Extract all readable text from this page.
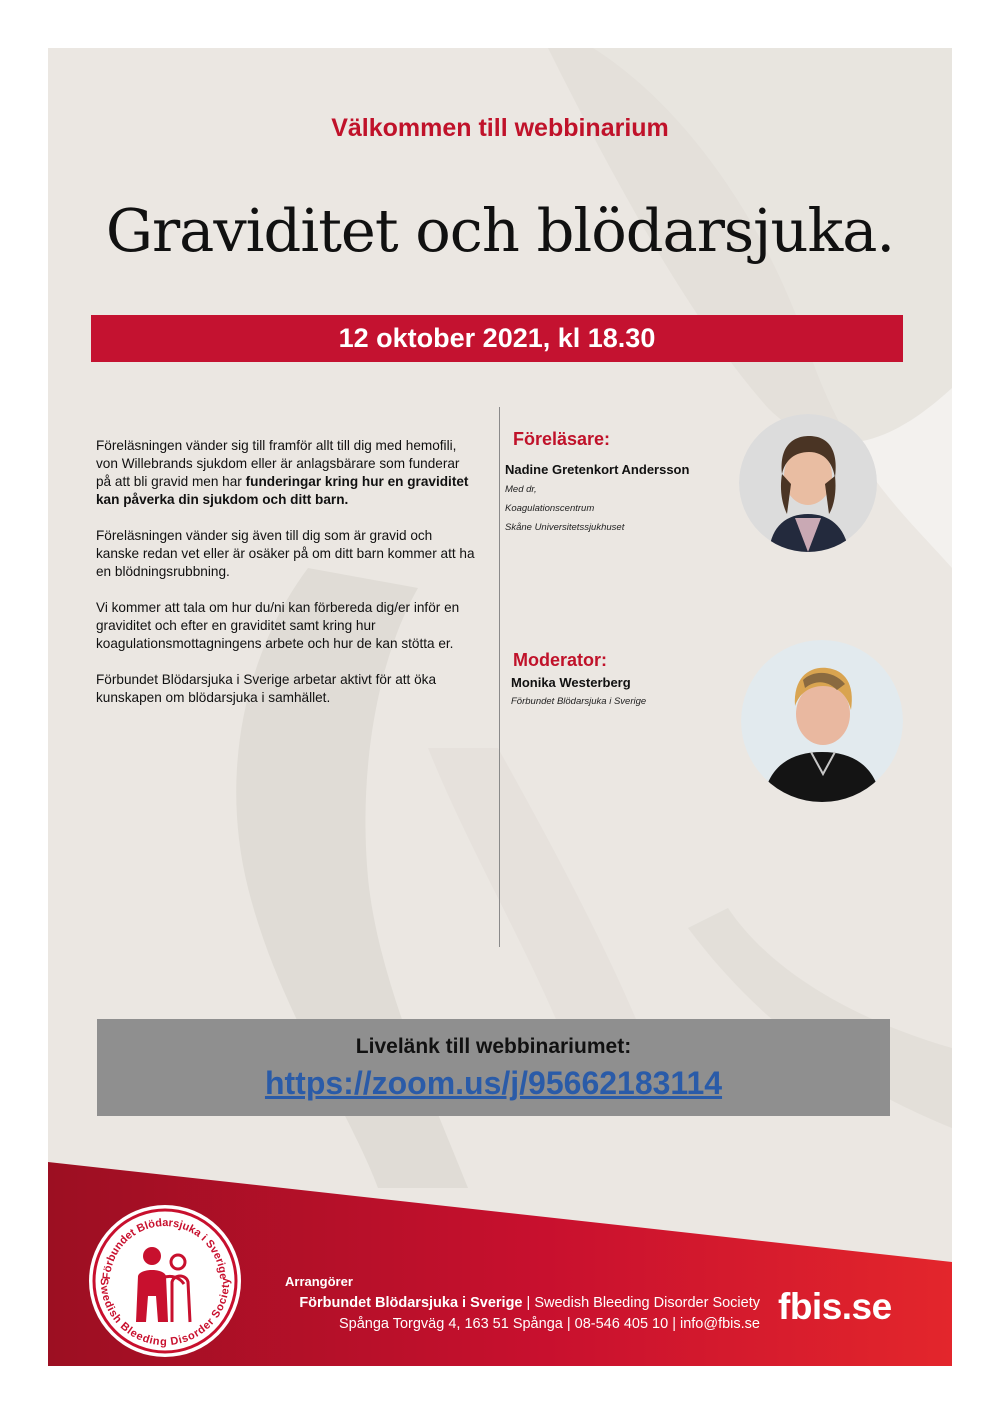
Välkommen till webbinarium
Graviditet och blödarsjuka.
12 oktober 2021, kl 18.30

Föreläsningen vänder sig till framför allt till dig med hemofili, von Willebrands sjukdom eller är anlagsbärare som funderar på att bli gravid men har funderingar kring hur en graviditet kan påverka din sjukdom och ditt barn.

Föreläsningen vänder sig även till dig som är gravid och kanske redan vet eller är osäker på om ditt barn kommer att ha en blödningsrubbning.

Vi kommer att tala om hur du/ni kan förbereda dig/er inför en graviditet och efter en graviditet samt kring hur koagulationsmottagningens arbete och hur de kan stötta er.

Förbundet Blödarsjuka i Sverige arbetar aktivt för att öka kunskapen om blödarsjuka i samhället.

Föreläsare:
Nadine Gretenkort Andersson
Med dr,
Koagulationscentrum
Skåne Universitetssjukhuset
Moderator:
Monika Westerberg
Förbundet Blödarsjuka i Sverige
Livelänk till webbinariumet:
https://zoom.us/j/95662183114
Förbundet Blödarsjuka i Sverige
Swedish Bleeding Disorder Society	Arrangörer
Förbundet Blödarsjuka i Sverige | Swedish Bleeding Disorder Society
Spånga Torgväg 4, 163 51 Spånga | 08-546 405 10 | info@fbis.se fbis.se
